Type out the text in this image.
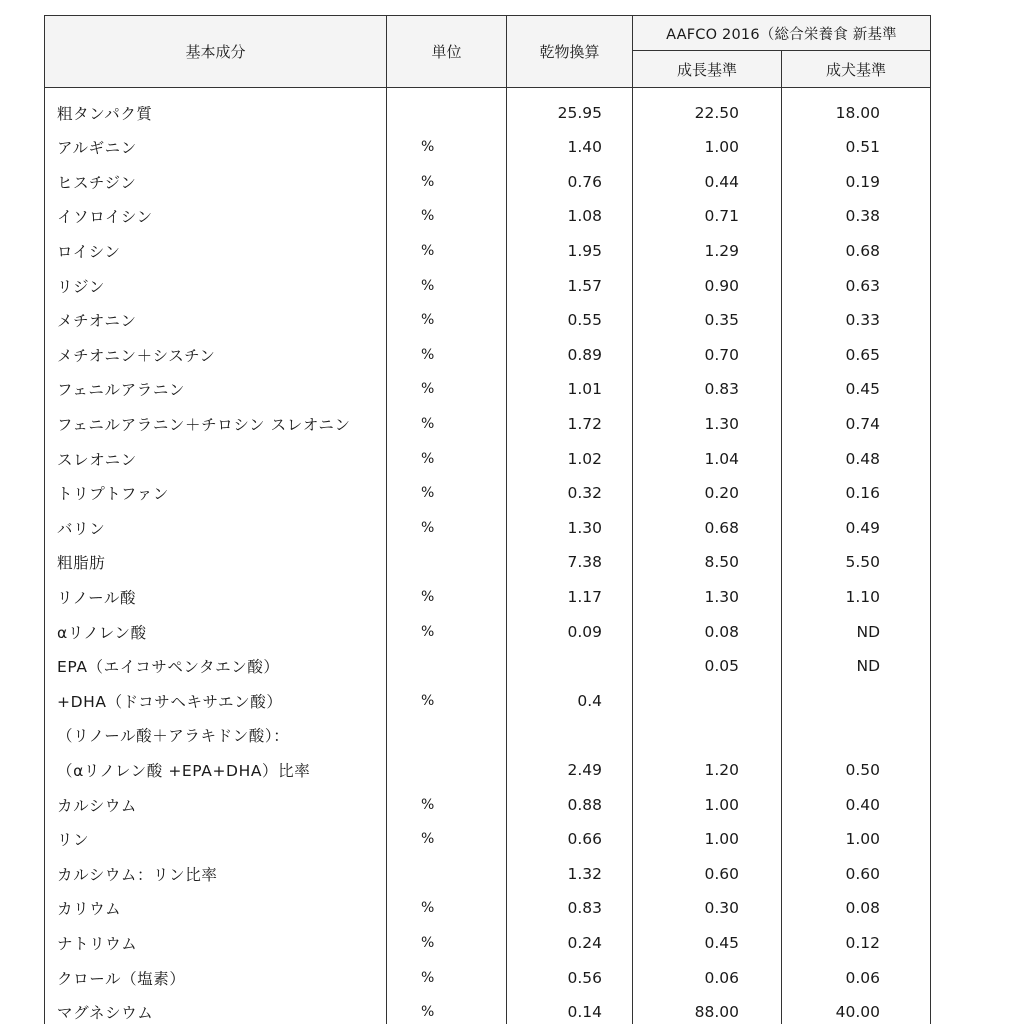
基本成分	単位	乾物換算	AAFCO 2016（総合栄養食 新基準	
			成長基準	成犬基準
粗タンパク質		25.95	22.50	18.00
アルギニン	%	1.40	1.00	0.51
ヒスチジン	%	0.76	0.44	0.19
イソロイシン	%	1.08	0.71	0.38
ロイシン	%	1.95	1.29	0.68
リジン	%	1.57	0.90	0.63
メチオニン	%	0.55	0.35	0.33
メチオニン＋シスチン	%	0.89	0.70	0.65
フェニルアラニン	%	1.01	0.83	0.45
フェニルアラニン＋チロシン スレオニン	%	1.72	1.30	0.74
スレオニン	%	1.02	1.04	0.48
トリプトファン	%	0.32	0.20	0.16
バリン	%	1.30	0.68	0.49
粗脂肪		7.38	8.50	5.50
リノール酸	%	1.17	1.30	1.10
αリノレン酸	%	0.09	0.08	ND
EPA（エイコサペンタエン酸）			0.05	ND
+DHA（ドコサヘキサエン酸）	%	0.4		
（リノール酸＋アラキドン酸）：				
（αリノレン酸 +EPA+DHA）比率		2.49	1.20	0.50
カルシウム	%	0.88	1.00	0.40
リン	%	0.66	1.00	1.00
カルシウム：リン比率		1.32	0.60	0.60
カリウム	%	0.83	0.30	0.08
ナトリウム	%	0.24	0.45	0.12
クロール（塩素）	%	0.56	0.06	0.06
マグネシウム	%	0.14	88.00	40.00
